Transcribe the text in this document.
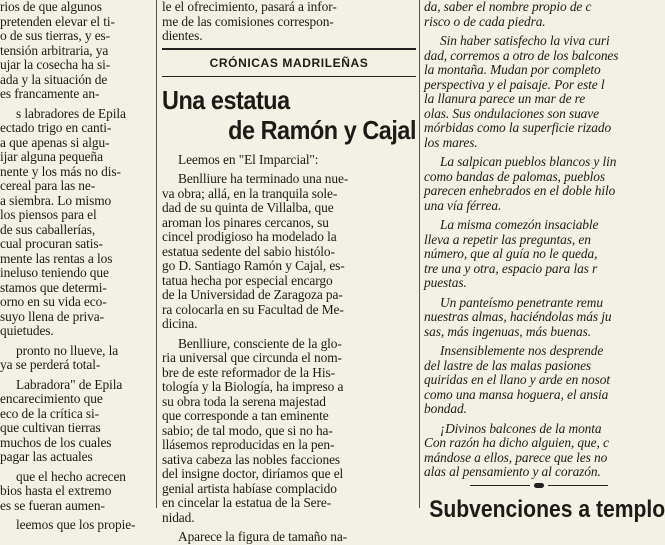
rios de que algunos
pretenden elevar el ti-
o de sus tierras, y es-
tensión arbitraria, ya
ujar la cosecha ha si-
ada y la situación de
es francamente an-
s labradores de Epila
ectado trigo en canti-
a que apenas si algu-
ijar alguna pequeña
nente y los más no dis-
cereal para las ne-
a siembra. Lo mismo
los piensos para el
de sus caballerías,
cual procuran satis-
mente las rentas a los
ineluso teniendo que
stamos que determi-
orno en su vida eco-
suyo llena de priva-
quietudes.
pronto no llueve, la
ya se perderá total-
Labradora" de Epila
encarecimiento que
eco de la crítica si-
que cultivan tierras
muchos de los cuales
pagar las actuales
que el hecho acrecen
bios hasta el extremo
es se fueran aumen-
leemos que los propie-
le el ofrecimiento, pasará a infor-
me de las comisiones correspon-
dientes.
CRÓNICAS MADRILEÑAS
Una estatua
de Ramón y Cajal
Leemos en "El Imparcial":
Benlliure ha terminado una nue-
va obra; allá, en la tranquila sole-
dad de su quinta de Villalba, que
aroman los pinares cercanos, su
cincel prodigioso ha modelado la
estatua sedente del sabio histólo-
go D. Santiago Ramón y Cajal, es-
tatua hecha por especial encargo
de la Universidad de Zaragoza pa-
ra colocarla en su Facultad de Me-
dicina.
Benlliure, consciente de la glo-
ria universal que circunda el nom-
bre de este reformador de la His-
tología y la Biología, ha impreso a
su obra toda la serena majestad
que corresponde a tan eminente
sabio; de tal modo, que si no ha-
llásemos reproducidas en la pen-
sativa cabeza las nobles facciones
del insigne doctor, diríamos que el
genial artista habíase complacido
en cincelar la estatua de la Sere-
nidad.
Aparece la figura de tamaño na-
da, saber el nombre propio de c
risco o de cada piedra.
Sin haber satisfecho la viva curi
dad, corremos a otro de los balcones
la montaña. Mudan por completo
perspectiva y el paisaje. Por este l
la llanura parece un mar de re
olas. Sus ondulaciones son suave
mórbidas como la superficie rizado
los mares.
La salpican pueblos blancos y lin
como bandas de palomas, pueblos
parecen enhebrados en el doble hilo
una vía férrea.
La misma comezón insaciable
lleva a repetir las preguntas, en
número, que al guía no le queda,
tre una y otra, espacio para las r
puestas.
Un panteísmo penetrante remu
nuestras almas, haciéndolas más ju
sas, más ingenuas, más buenas.
Insensiblemente nos desprende
del lastre de las malas pasiones
quiridas en el llano y arde en nosot
como una mansa hoguera, el ansia
bondad.
¡Divinos balcones de la monta
Con razón ha dicho alguien, que, c
mándose a ellos, parece que les no
alas al pensamiento y al corazón.
Subvenciones a templo
